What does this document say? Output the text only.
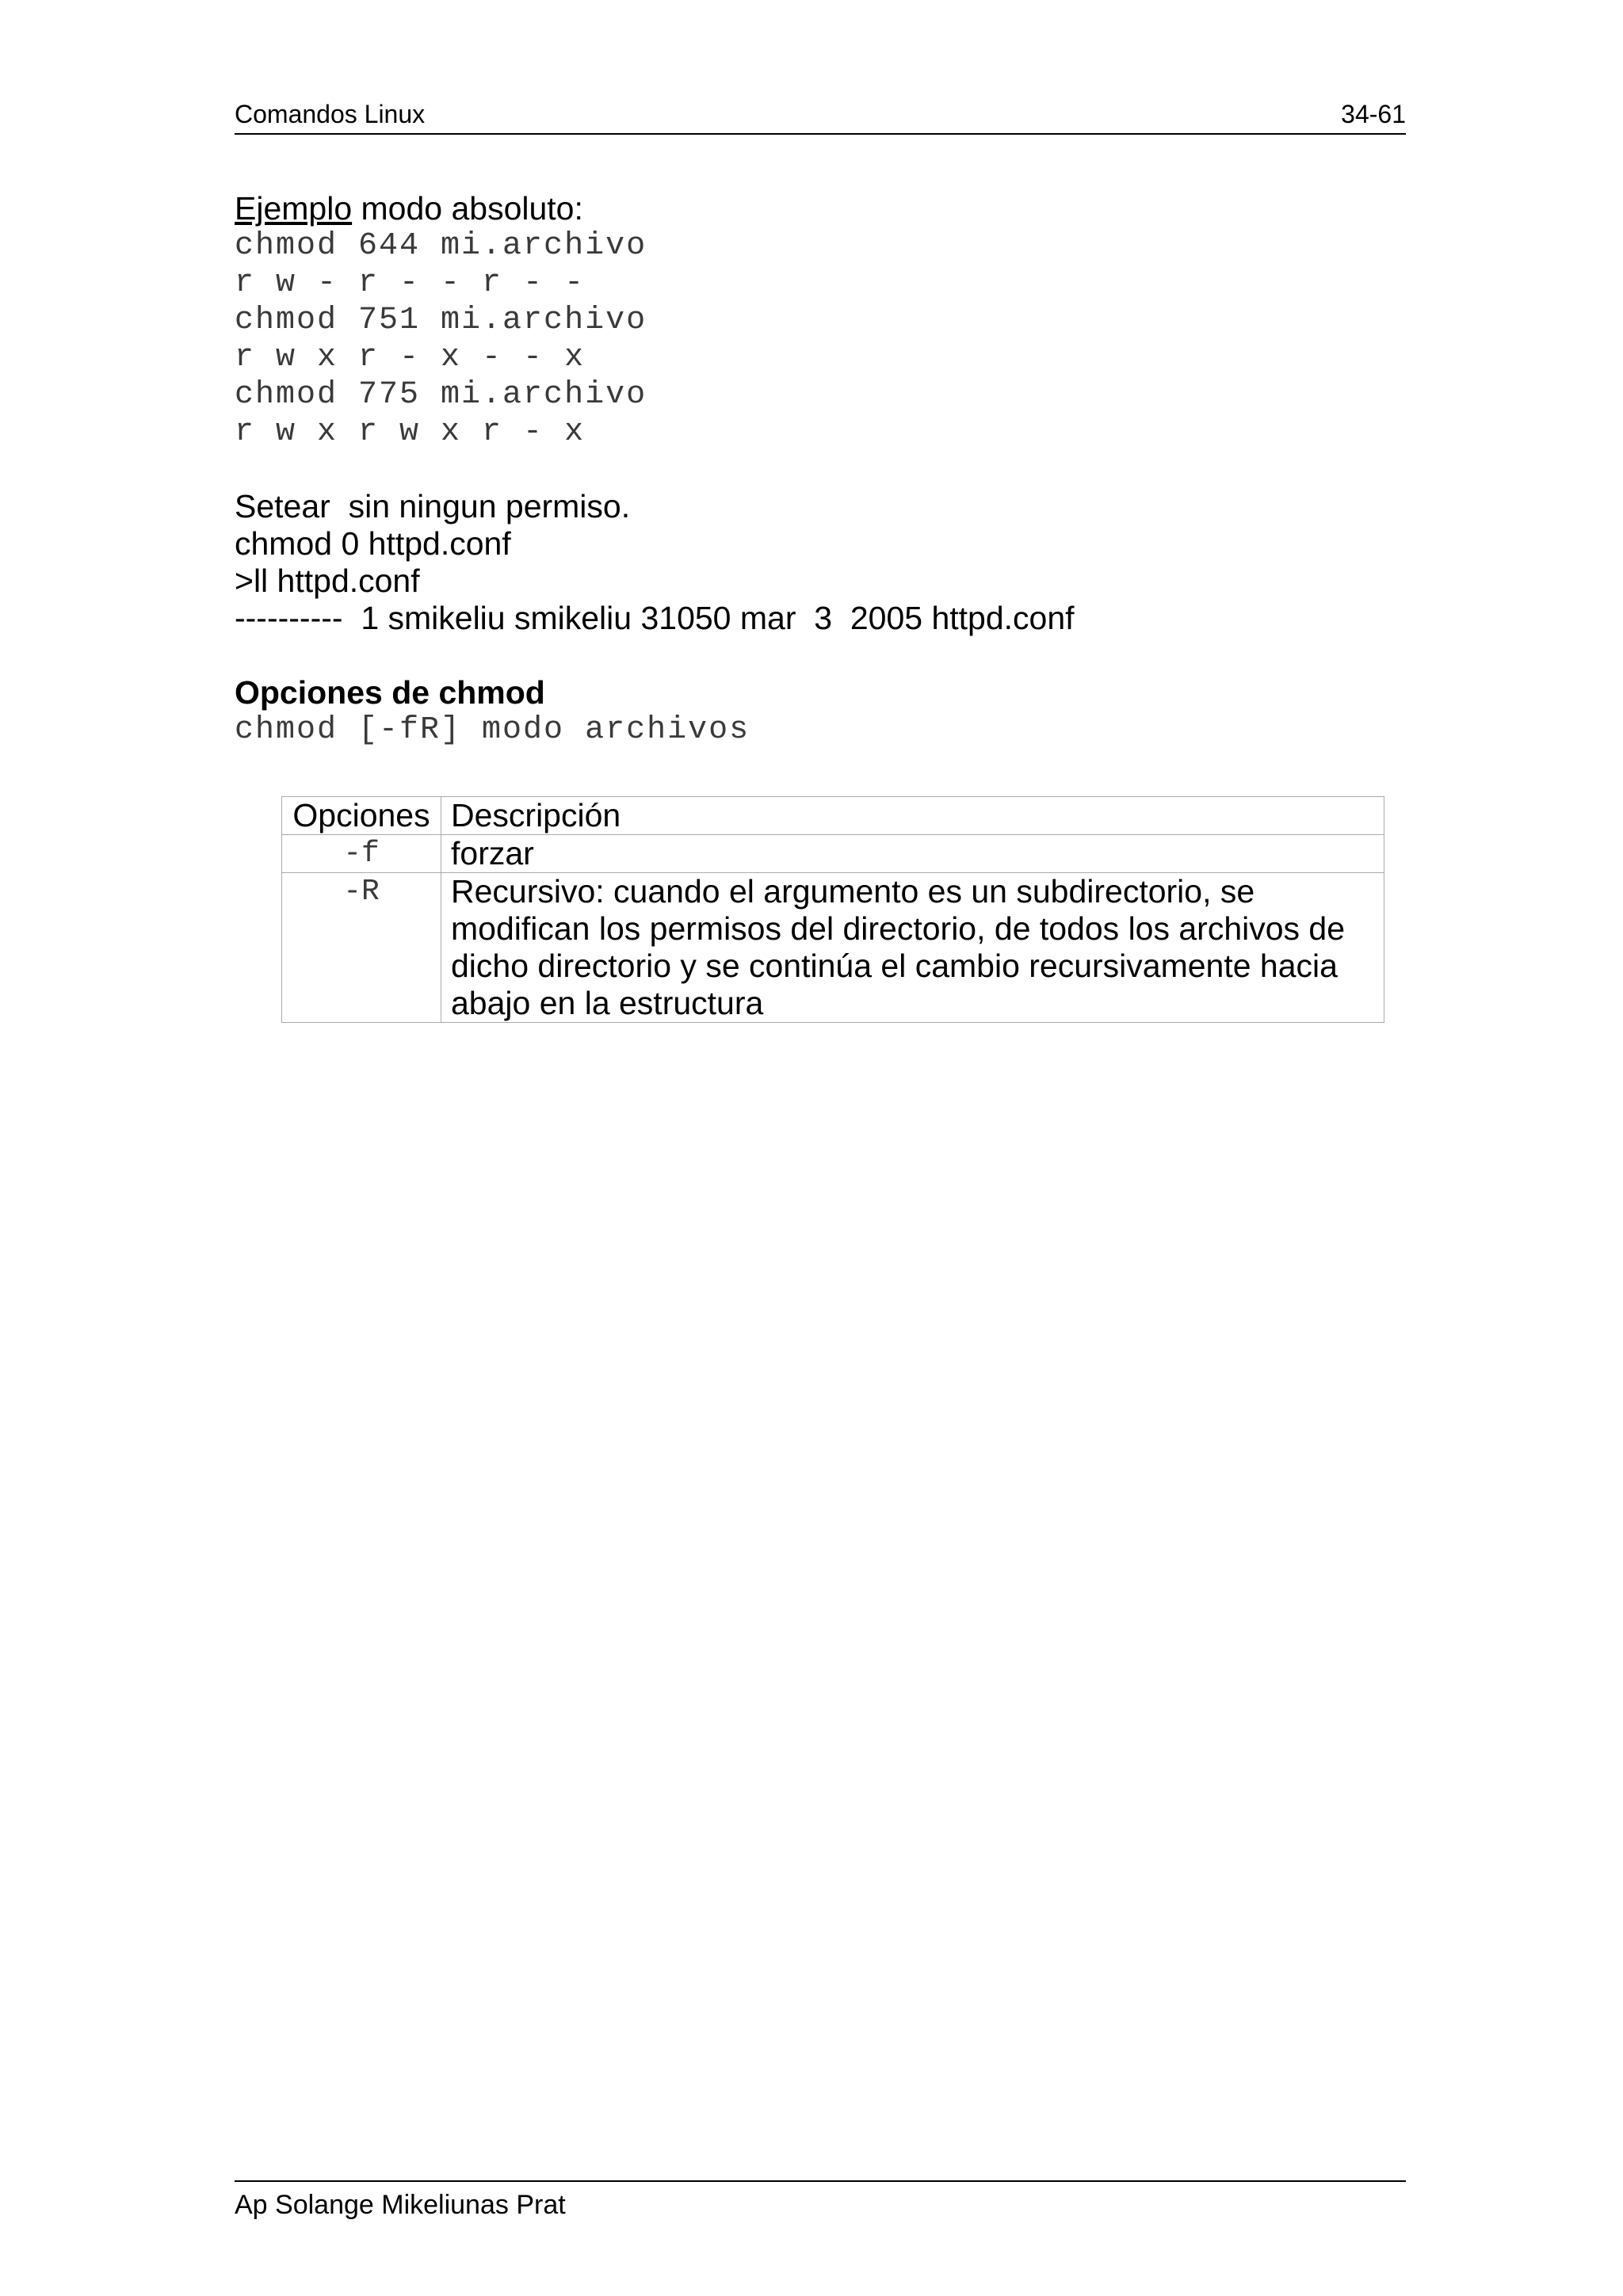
Comandos Linux	34-61
Ejemplo modo absoluto:
chmod 644 mi.archivo
r w - r - - r - -
chmod 751 mi.archivo
r w x r - x - - x
chmod 775 mi.archivo
r w x r w x r - x
Setear  sin ningun permiso.
chmod 0 httpd.conf
>ll httpd.conf
----------  1 smikeliu smikeliu 31050 mar  3  2005 httpd.conf
Opciones de chmod
chmod [-fR] modo archivos
Opciones	Descripción
-f	forzar

-R	Recursivo: cuando el argumento es un subdirectorio, se
modifican los permisos del directorio, de todos los archivos de
dicho directorio y se continúa el cambio recursivamente hacia
abajo en la estructura
Ap Solange Mikeliunas Prat
